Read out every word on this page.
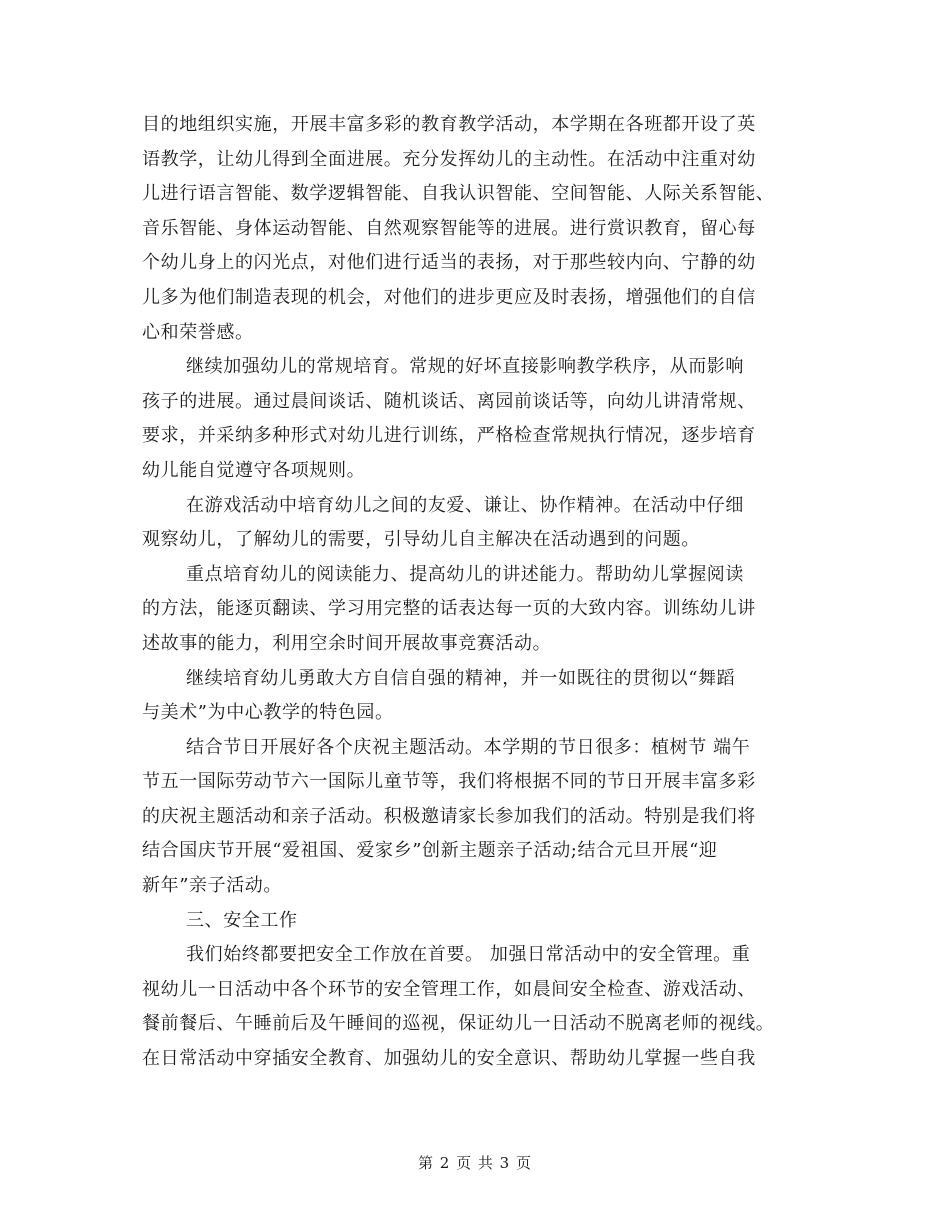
目的地组织实施，开展丰富多彩的教育教学活动，本学期在各班都开设了英
语教学，让幼儿得到全面进展。充分发挥幼儿的主动性。在活动中注重对幼
儿进行语言智能、数学逻辑智能、自我认识智能、空间智能、人际关系智能、
音乐智能、身体运动智能、自然观察智能等的进展。进行赏识教育，留心每
个幼儿身上的闪光点，对他们进行适当的表扬，对于那些较内向、宁静的幼
儿多为他们制造表现的机会，对他们的进步更应及时表扬，增强他们的自信
心和荣誉感。
继续加强幼儿的常规培育。常规的好坏直接影响教学秩序，从而影响
孩子的进展。通过晨间谈话、随机谈话、离园前谈话等，向幼儿讲清常规、
要求，并采纳多种形式对幼儿进行训练，严格检查常规执行情况，逐步培育
幼儿能自觉遵守各项规则。
在游戏活动中培育幼儿之间的友爱、谦让、协作精神。在活动中仔细
观察幼儿，了解幼儿的需要，引导幼儿自主解决在活动遇到的问题。
重点培育幼儿的阅读能力、提高幼儿的讲述能力。帮助幼儿掌握阅读
的方法，能逐页翻读、学习用完整的话表达每一页的大致内容。训练幼儿讲
述故事的能力，利用空余时间开展故事竞赛活动。
继续培育幼儿勇敢大方自信自强的精神，并一如既往的贯彻以“舞蹈
与美术”为中心教学的特色园。
结合节日开展好各个庆祝主题活动。本学期的节日很多：植树节 端午
节五一国际劳动节六一国际儿童节等，我们将根据不同的节日开展丰富多彩
的庆祝主题活动和亲子活动。积极邀请家长参加我们的活动。特别是我们将
结合国庆节开展“爱祖国、爱家乡”创新主题亲子活动;结合元旦开展“迎
新年”亲子活动。
三、安全工作
我们始终都要把安全工作放在首要。 加强日常活动中的安全管理。重
视幼儿一日活动中各个环节的安全管理工作，如晨间安全检查、游戏活动、
餐前餐后、午睡前后及午睡间的巡视，保证幼儿一日活动不脱离老师的视线。
在日常活动中穿插安全教育、加强幼儿的安全意识、帮助幼儿掌握一些自我
第 2 页 共 3 页
